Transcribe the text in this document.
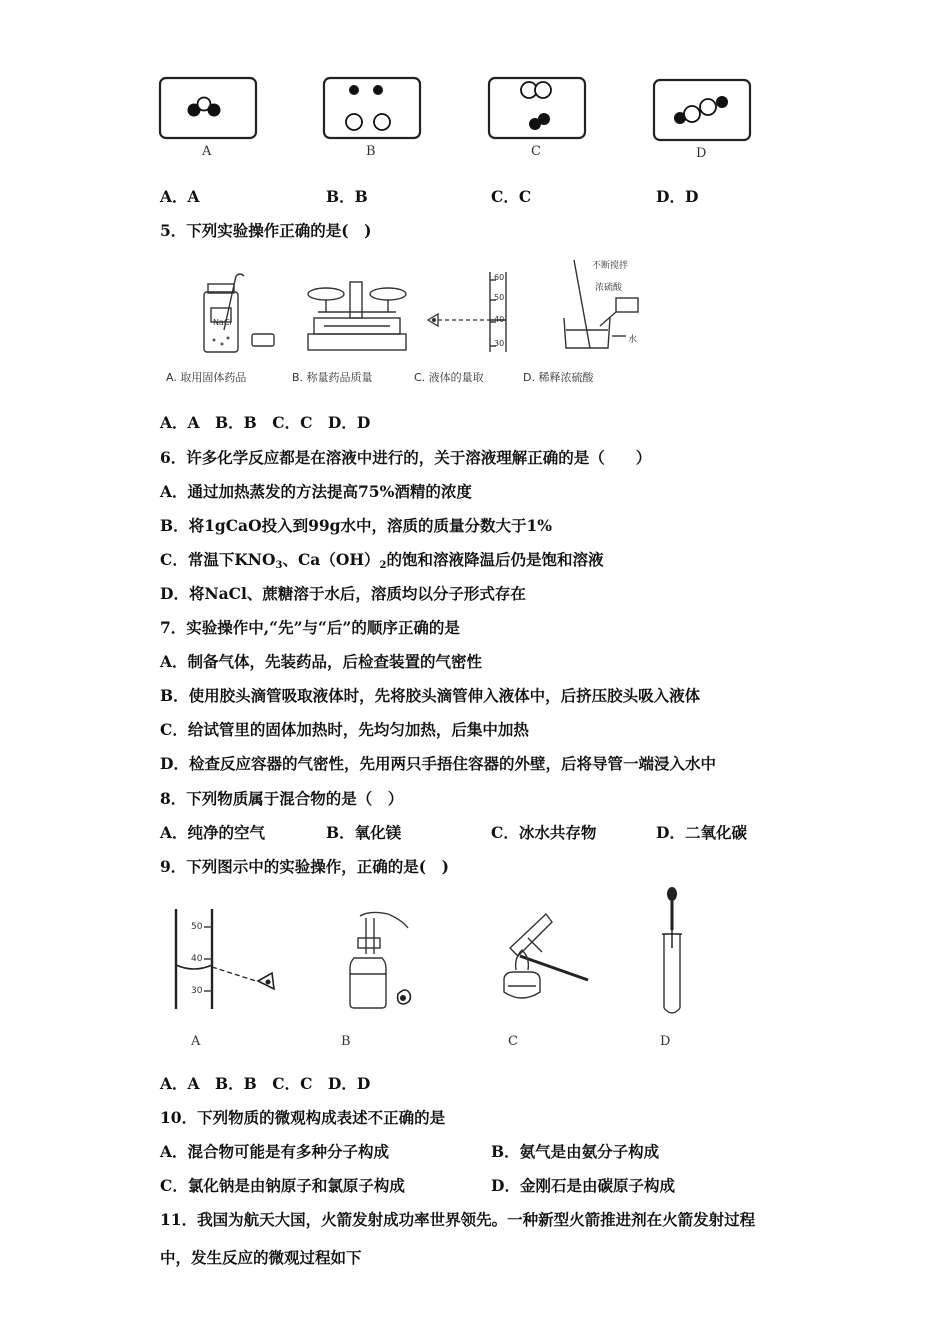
A	B	C	D
A．A	B．B	C．C	D．D
5．下列实验操作正确的是(　)
NaCl
60
50
40
30
不断搅拌
浓硫酸
水
A. 取用固体药品	B. 称量药品质量	C. 液体的量取	D. 稀释浓硫酸
A．A　B．B　C．C　D．D
6．许多化学反应都是在溶液中进行的，关于溶液理解正确的是（　　）
A．通过加热蒸发的方法提高75%酒精的浓度
B．将1gCaO投入到99g水中，溶质的质量分数大于1%
C．常温下$KNO_3$、$Ca(OH)_2$的饱和溶液降温后仍是饱和溶液
D．将NaCl、蔗糖溶于水后，溶质均以分子形式存在
7．实验操作中,“先”与“后”的顺序正确的是
A．制备气体，先装药品，后检查装置的气密性
B．使用胶头滴管吸取液体时，先将胶头滴管伸入液体中，后挤压胶头吸入液体
C．给试管里的固体加热时，先均匀加热，后集中加热
D．检查反应容器的气密性，先用两只手捂住容器的外壁，后将导管一端浸入水中
8．下列物质属于混合物的是（　）
A．纯净的空气	B．氧化镁	C．冰水共存物	D．二氧化碳
9．下列图示中的实验操作，正确的是(　)
50
40
30
A	B	C	D
A．A　B．B　C．C　D．D
10．下列物质的微观构成表述不正确的是
A．混合物可能是有多种分子构成	B．氨气是由氨分子构成
C．氯化钠是由钠原子和氯原子构成	D．金刚石是由碳原子构成
11．我国为航天大国，火箭发射成功率世界领先。一种新型火箭推进剂在火箭发射过程
中，发生反应的微观过程如下
